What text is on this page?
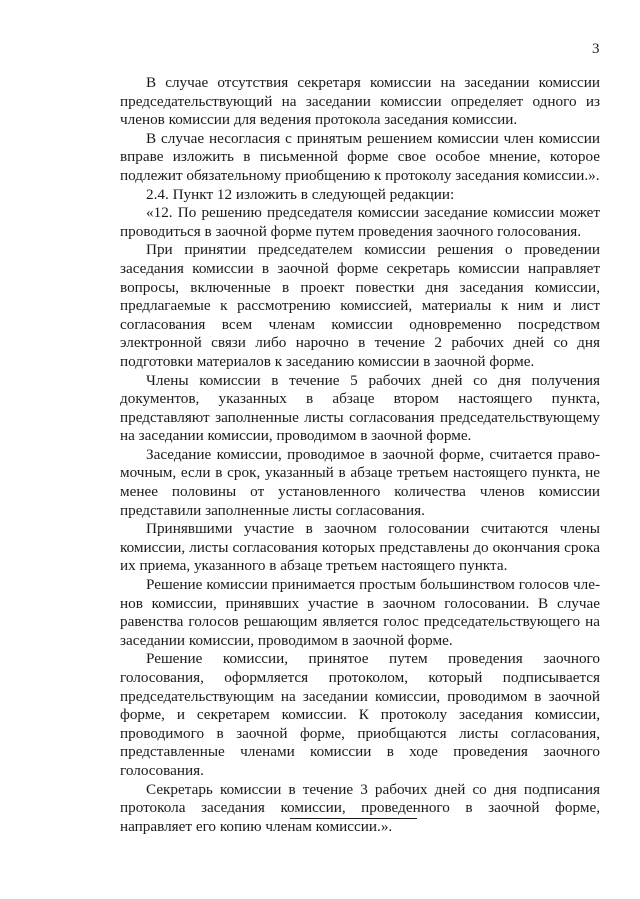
3

В случае отсутствия секретаря комиссии на заседании комиссии председательствующий на заседании комиссии определяет одного из членов комиссии для ведения протокола заседания комиссии.

В случае несогласия с принятым решением комиссии член комиссии вправе изложить в письменной форме свое особое мнение, которое подлежит обязательному приобщению к протоколу заседания комиссии.».

2.4. Пункт 12 изложить в следующей редакции:

«12. По решению председателя комиссии заседание комиссии может проводиться в заочной форме путем проведения заочного голосования.

При принятии председателем комиссии решения о проведении заседания комиссии в заочной форме секретарь комиссии направляет вопросы, включенные в проект повестки дня заседания комиссии, предлагаемые к рассмотрению комиссией, материалы к ним и лист согласования всем членам комиссии одновременно посредством электронной связи либо нарочно в течение 2 рабочих дней со дня подготовки материалов к заседанию комиссии в заочной форме.

Члены комиссии в течение 5 рабочих дней со дня получения документов, указанных в абзаце втором настоящего пункта, представляют заполненные листы согласования председательствующему на заседании комиссии, проводимом в заочной форме.

Заседание комиссии, проводимое в заочной форме, считается правомочным, если в срок, указанный в абзаце третьем настоящего пункта, не менее половины от установленного количества членов комиссии представили заполненные листы согласования.

Принявшими участие в заочном голосовании считаются члены комиссии, листы согласования которых представлены до окончания срока их приема, указанного в абзаце третьем настоящего пункта.

Решение комиссии принимается простым большинством голосов членов комиссии, принявших участие в заочном голосовании. В случае равенства голосов решающим является голос председательствующего на заседании комиссии, проводимом в заочной форме.

Решение комиссии, принятое путем проведения заочного голосования, оформляется протоколом, который подписывается председательствующим на заседании комиссии, проводимом в заочной форме, и секретарем комиссии. К протоколу заседания комиссии, проводимого в заочной форме, приобщаются листы согласования, представленные членами комиссии в ходе проведения заочного голосования.

Секретарь комиссии в течение 3 рабочих дней со дня подписания протокола заседания комиссии, проведенного в заочной форме, направляет его копию членам комиссии.».
